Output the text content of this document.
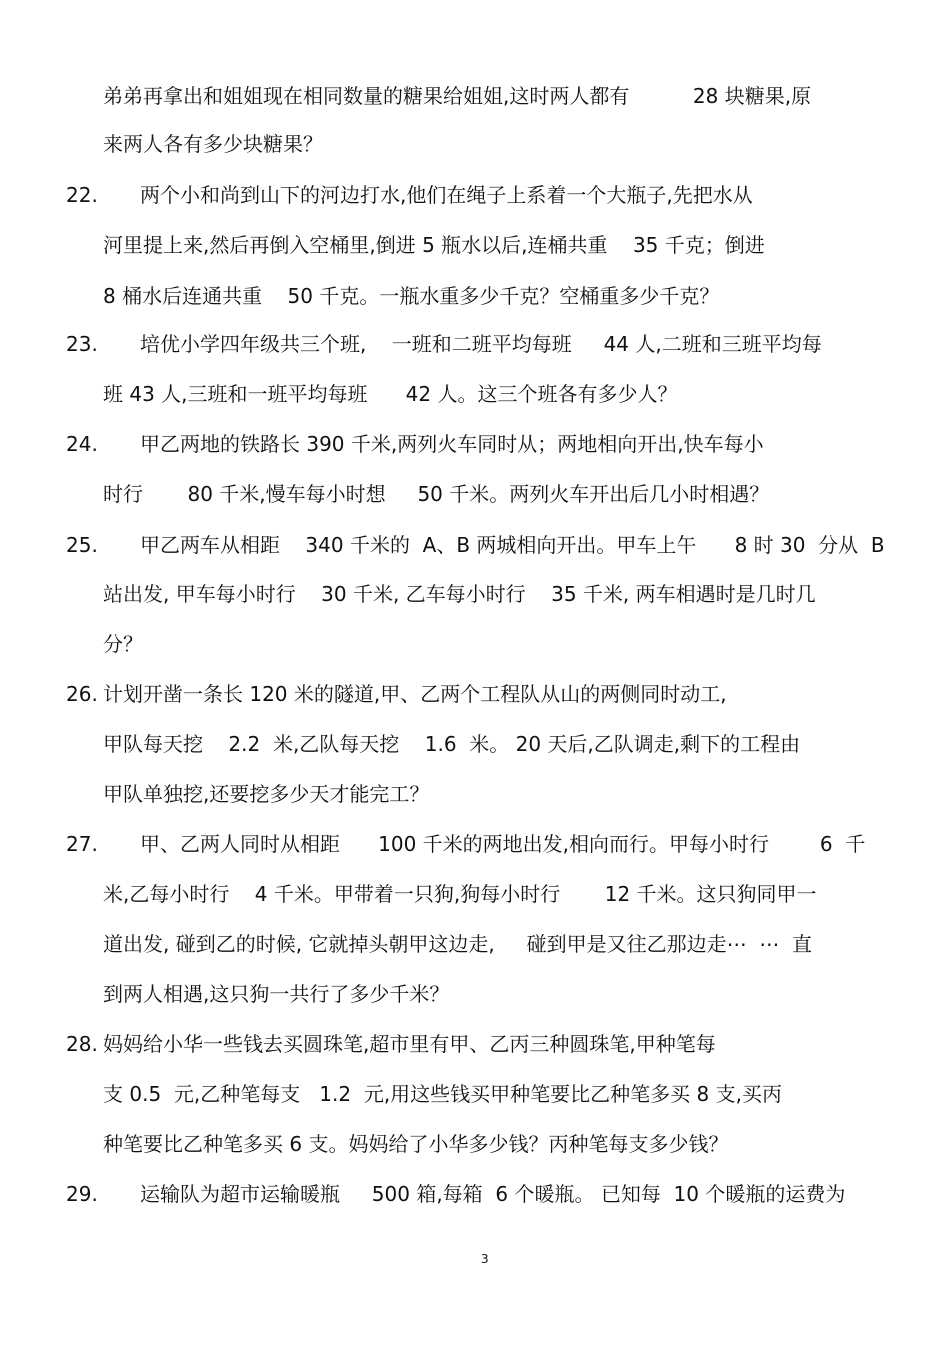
弟弟再拿出和姐姐现在相同数量的糖果给姐姐,这时两人都有          28 块糖果,原
来两人各有多少块糖果？
22. 两个小和尚到山下的河边打水,他们在绳子上系着一个大瓶子,先把水从
河里提上来,然后再倒入空桶里,倒进 5 瓶水以后,连桶共重    35 千克；倒进
8 桶水后连通共重    50 千克。一瓶水重多少千克？空桶重多少千克？
23. 培优小学四年级共三个班,    一班和二班平均每班     44 人,二班和三班平均每
班 43 人,三班和一班平均每班      42 人。这三个班各有多少人？
24. 甲乙两地的铁路长 390 千米,两列火车同时从；两地相向开出,快车每小
时行       80 千米,慢车每小时想     50 千米。两列火车开出后几小时相遇？
25. 甲乙两车从相距    340 千米的  A、B 两城相向开出。甲车上午      8 时 30  分从  B
站出发, 甲车每小时行    30 千米, 乙车每小时行    35 千米, 两车相遇时是几时几
分？
26. 计划开凿一条长 120 米的隧道,甲、乙两个工程队从山的两侧同时动工,
甲队每天挖    2.2  米,乙队每天挖    1.6  米。 20 天后,乙队调走,剩下的工程由
甲队单独挖,还要挖多少天才能完工？
27. 甲、乙两人同时从相距      100 千米的两地出发,相向而行。甲每小时行        6  千
米,乙每小时行    4 千米。甲带着一只狗,狗每小时行       12 千米。这只狗同甲一
道出发, 碰到乙的时候, 它就掉头朝甲这边走,     碰到甲是又往乙那边走⋯  ⋯  直
到两人相遇,这只狗一共行了多少千米？
28. 妈妈给小华一些钱去买圆珠笔,超市里有甲、乙丙三种圆珠笔,甲种笔每
支 0.5  元,乙种笔每支   1.2  元,用这些钱买甲种笔要比乙种笔多买 8 支,买丙
种笔要比乙种笔多买 6 支。妈妈给了小华多少钱？丙种笔每支多少钱？
29. 运输队为超市运输暖瓶     500 箱,每箱  6 个暖瓶。 已知每  10 个暖瓶的运费为
3
